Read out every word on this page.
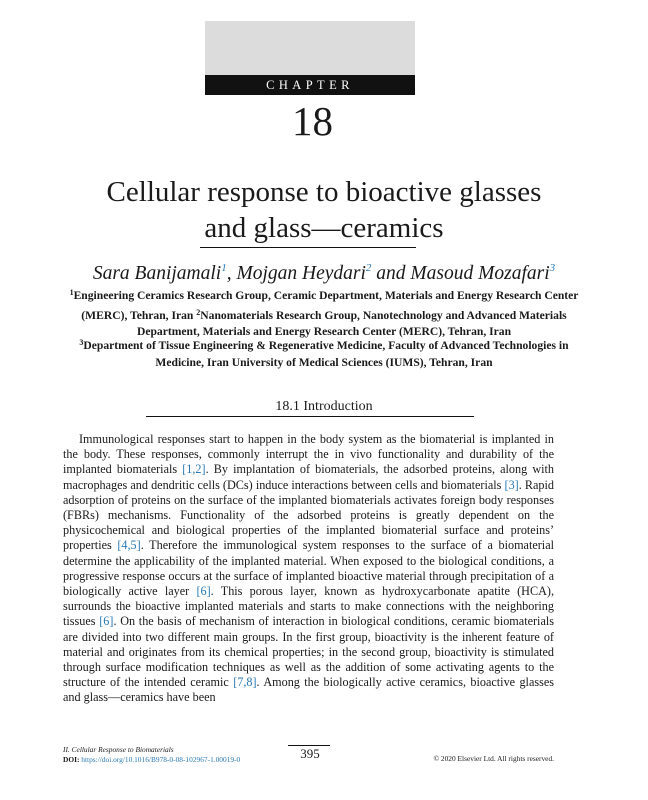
CHAPTER
18
Cellular response to bioactive glasses
and glass—ceramics
Sara Banijamali$^1$, Mojgan Heydari$^2$ and Masoud Mozafari$^3$
$^1$Engineering Ceramics Research Group, Ceramic Department, Materials and Energy Research Center (MERC), Tehran, Iran $^2$Nanomaterials Research Group, Nanotechnology and Advanced Materials Department, Materials and Energy Research Center (MERC), Tehran, Iran
$^3$Department of Tissue Engineering & Regenerative Medicine, Faculty of Advanced Technologies in Medicine, Iran University of Medical Sciences (IUMS), Tehran, Iran
18.1 Introduction

Immunological responses start to happen in the body system as the biomaterial is implanted in the body. These responses, commonly interrupt the in vivo functionality and durability of the implanted biomaterials [1,2]. By implantation of biomaterials, the adsorbed proteins, along with macrophages and dendritic cells (DCs) induce interactions between cells and biomaterials [3]. Rapid adsorption of proteins on the surface of the implanted biomaterials activates foreign body responses (FBRs) mechanisms. Functionality of the adsorbed proteins is greatly dependent on the physicochemical and biological properties of the implanted biomaterial surface and proteins’ properties [4,5]. Therefore the immunological system responses to the surface of a biomaterial determine the applicability of the implanted material. When exposed to the biological conditions, a progressive response occurs at the surface of implanted bioactive material through precipitation of a biologically active layer [6]. This porous layer, known as hydroxycarbonate apatite (HCA), surrounds the bioactive implanted materials and starts to make connections with the neighboring tissues [6]. On the basis of mechanism of interaction in biological conditions, ceramic biomaterials are divided into two different main groups. In the first group, bioactivity is the inherent feature of material and originates from its chemical properties; in the second group, bioactivity is stimulated through surface modification techniques as well as the addition of some activating agents to the structure of the intended ceramic [7,8]. Among the biologically active ceramics, bioactive glasses and glass—ceramics have been

II. Cellular Response to Biomaterials
DOI: https://doi.org/10.1016/B978-0-08-102967-1.00019-0	395	© 2020 Elsevier Ltd. All rights reserved.
